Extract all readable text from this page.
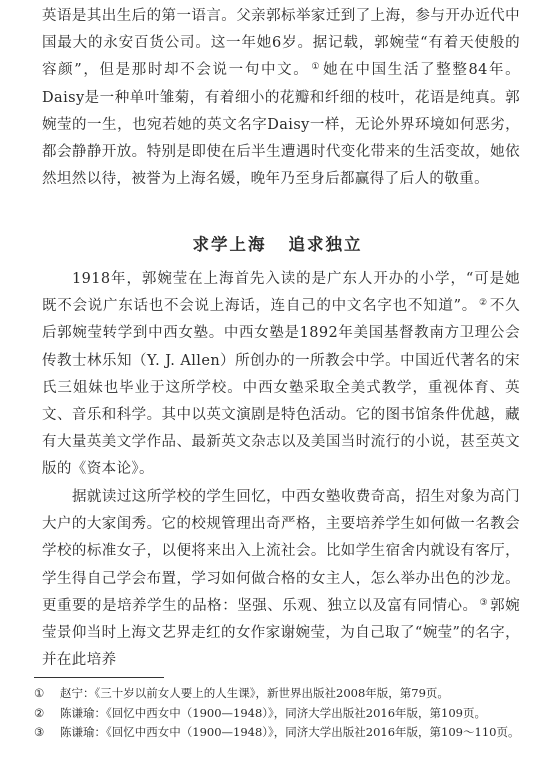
英语是其出生后的第一语言。父亲郭标举家迁到了上海，参与开办近代中国最大的永安百货公司。这一年她6岁。据记载，郭婉莹“有着天使般的容颜”，但是那时却不会说一句中文。 ① 她在中国生活了整整84年。Daisy是一种单叶雏菊，有着细小的花瓣和纤细的枝叶，花语是纯真。郭婉莹的一生，也宛若她的英文名字Daisy一样，无论外界环境如何恶劣，都会静静开放。特别是即使在后半生遭遇时代变化带来的生活变故，她依然坦然以待，被誉为上海名媛，晚年乃至身后都赢得了后人的敬重。

求学上海 追求独立

1918年，郭婉莹在上海首先入读的是广东人开办的小学，“可是她既不会说广东话也不会说上海话，连自己的中文名字也不知道”。 ② 不久后郭婉莹转学到中西女塾。中西女塾是1892年美国基督教南方卫理公会传教士林乐知（Y. J. Allen）所创办的一所教会中学。中国近代著名的宋氏三姐妹也毕业于这所学校。中西女塾采取全美式教学，重视体育、英文、音乐和科学。其中以英文演剧是特色活动。它的图书馆条件优越，藏有大量英美文学作品、最新英文杂志以及美国当时流行的小说，甚至英文版的《资本论》。

据就读过这所学校的学生回忆，中西女塾收费奇高，招生对象为高门大户的大家闺秀。它的校规管理出奇严格，主要培养学生如何做一名教会学校的标准女子，以便将来出入上流社会。比如学生宿舍内就设有客厅，学生得自己学会布置，学习如何做合格的女主人，怎么举办出色的沙龙。更重要的是培养学生的品格：坚强、乐观、独立以及富有同情心。 ③ 郭婉莹景仰当时上海文艺界走红的女作家谢婉莹，为自己取了“婉莹”的名字，并在此培养

① 赵宁：《三十岁以前女人要上的人生课》，新世界出版社2008年版，第79页。
② 陈谦瑜：《回忆中西女中（1900—1948）》，同济大学出版社2016年版，第109页。
③ 陈谦瑜：《回忆中西女中（1900—1948）》，同济大学出版社2016年版，第109～110页。
